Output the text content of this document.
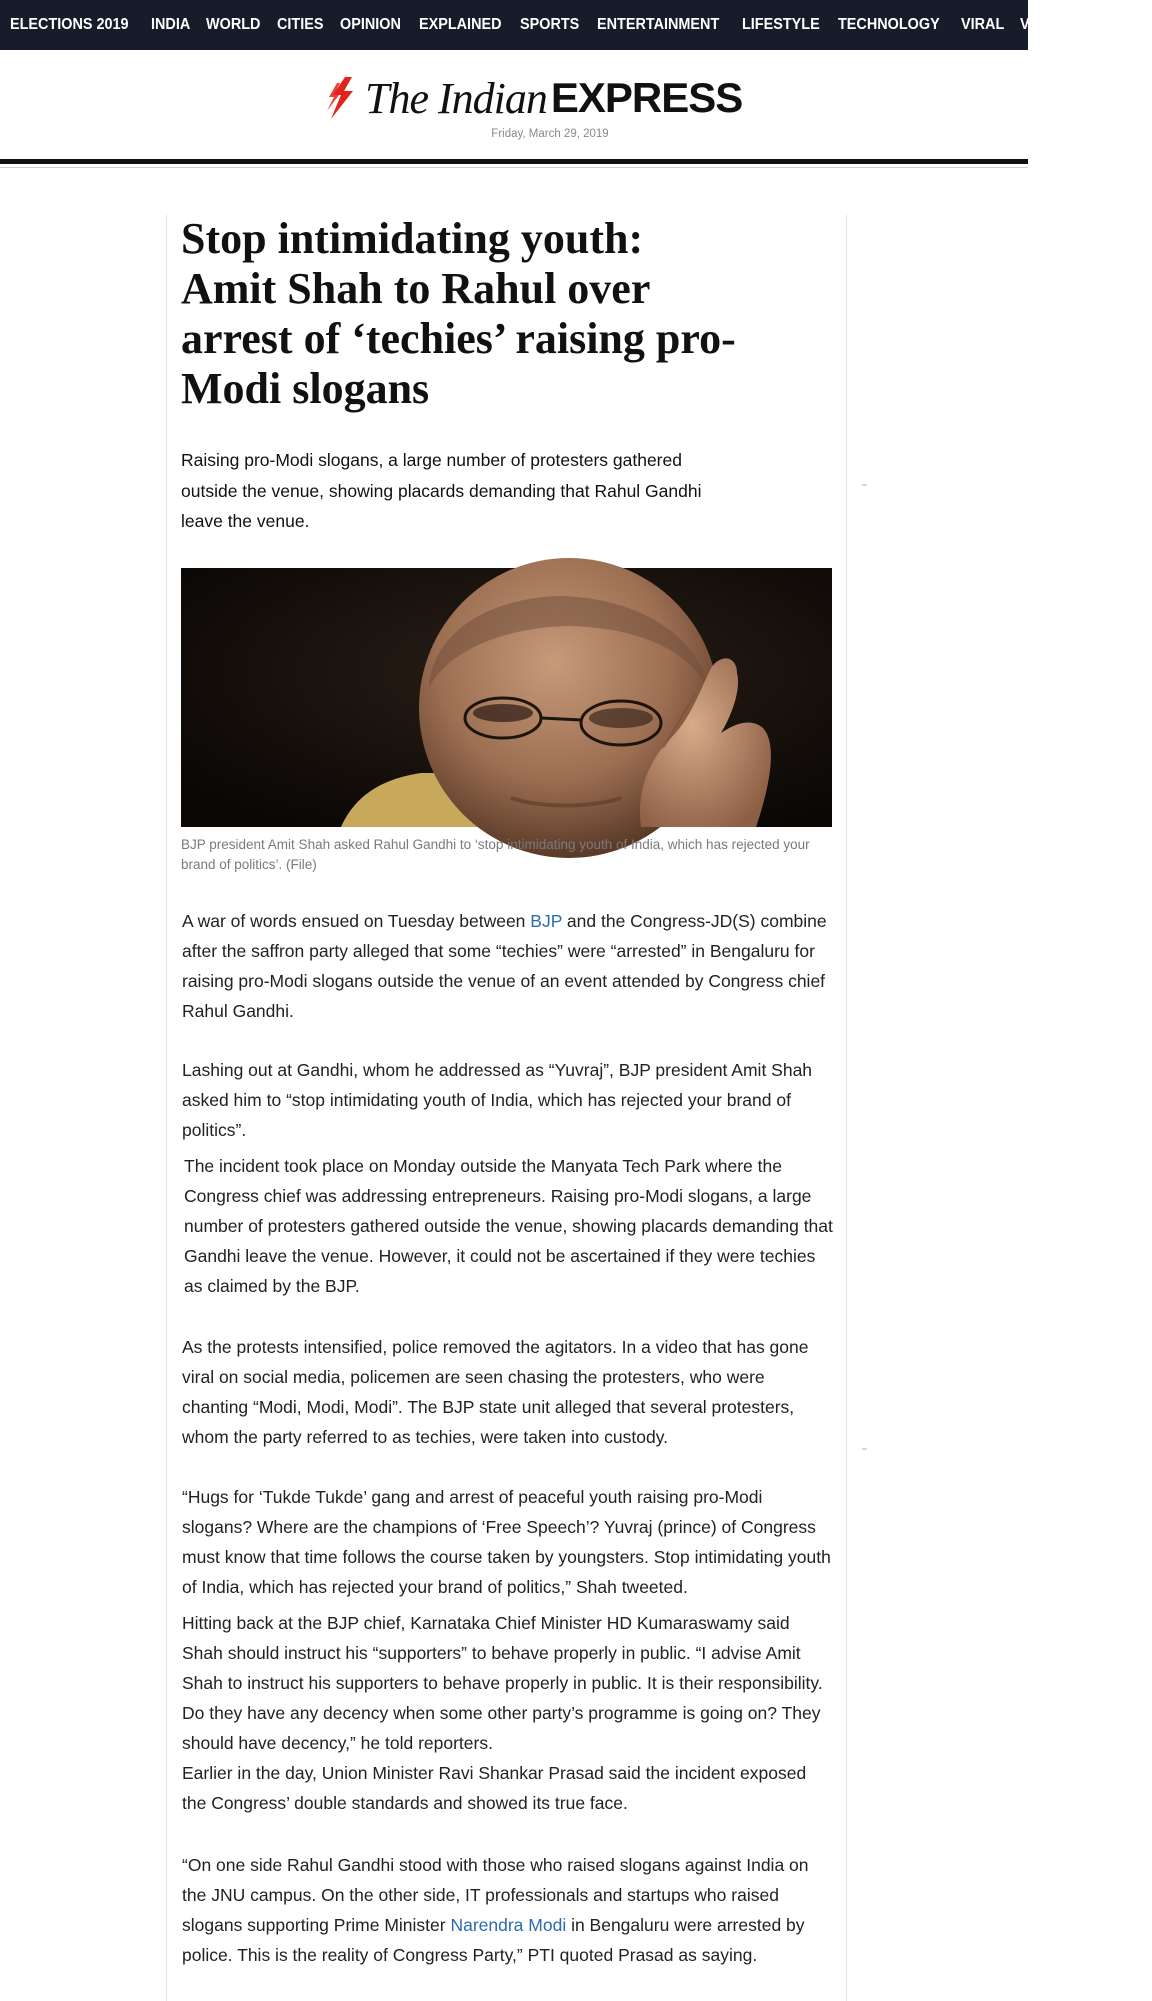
ELECTIONS 2019 INDIA WORLD CITIES OPINION EXPLAINED SPORTS ENTERTAINMENT LIFESTYLE TECHNOLOGY VIRAL VIDEOS PHOTOS
The Indian EXPRESS
Friday, March 29, 2019
Stop intimidating youth: Amit Shah to Rahul over arrest of ‘techies’ raising pro-Modi slogans

Raising pro-Modi slogans, a large number of protesters gathered outside the venue, showing placards demanding that Rahul Gandhi leave the venue.

BJP president Amit Shah asked Rahul Gandhi to ‘stop intimidating youth of India, which has rejected your brand of politics’. (File)

A war of words ensued on Tuesday between BJP and the Congress-JD(S) combine after the saffron party alleged that some “techies” were “arrested” in Bengaluru for raising pro-Modi slogans outside the venue of an event attended by Congress chief Rahul Gandhi.

Lashing out at Gandhi, whom he addressed as “Yuvraj”, BJP president Amit Shah asked him to “stop intimidating youth of India, which has rejected your brand of politics”.

The incident took place on Monday outside the Manyata Tech Park where the Congress chief was addressing entrepreneurs. Raising pro-Modi slogans, a large number of protesters gathered outside the venue, showing placards demanding that Gandhi leave the venue. However, it could not be ascertained if they were techies as claimed by the BJP.

As the protests intensified, police removed the agitators. In a video that has gone viral on social media, policemen are seen chasing the protesters, who were chanting “Modi, Modi, Modi”. The BJP state unit alleged that several protesters, whom the party referred to as techies, were taken into custody.

“Hugs for ‘Tukde Tukde’ gang and arrest of peaceful youth raising pro-Modi slogans? Where are the champions of ‘Free Speech’? Yuvraj (prince) of Congress must know that time follows the course taken by youngsters. Stop intimidating youth of India, which has rejected your brand of politics,” Shah tweeted.

Hitting back at the BJP chief, Karnataka Chief Minister HD Kumaraswamy said Shah should instruct his “supporters” to behave properly in public. “I advise Amit Shah to instruct his supporters to behave properly in public. It is their responsibility. Do they have any decency when some other party’s programme is going on? They should have decency,” he told reporters.

Earlier in the day, Union Minister Ravi Shankar Prasad said the incident exposed the Congress’ double standards and showed its true face.

“On one side Rahul Gandhi stood with those who raised slogans against India on the JNU campus. On the other side, IT professionals and startups who raised slogans supporting Prime Minister Narendra Modi in Bengaluru were arrested by police. This is the reality of Congress Party,” PTI quoted Prasad as saying.
